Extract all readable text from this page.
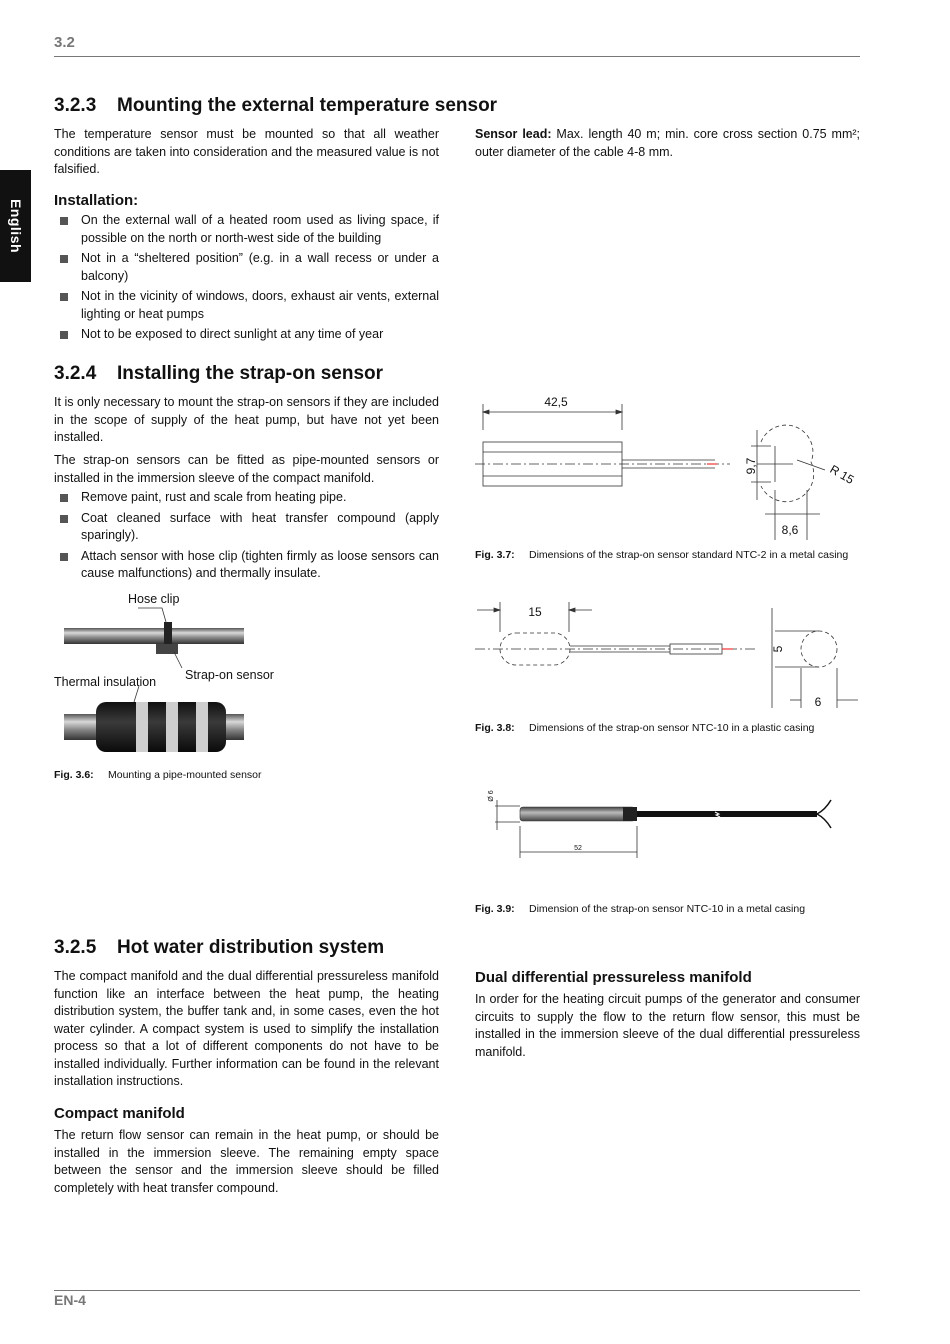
3.2
English
3.2.3 Mounting the external temperature sensor

The temperature sensor must be mounted so that all weather conditions are taken into consideration and the measured value is not falsified.

Sensor lead: Max. length 40 m; min. core cross section 0.75 mm²; outer diameter of the cable 4-8 mm.

Installation:
On the external wall of a heated room used as living space, if possible on the north or north-west side of the building
Not in a “sheltered position” (e.g. in a wall recess or under a balcony)
Not in the vicinity of windows, doors, exhaust air vents, external lighting or heat pumps
Not to be exposed to direct sunlight at any time of year
3.2.4 Installing the strap-on sensor

It is only necessary to mount the strap-on sensors if they are included in the scope of supply of the heat pump, but have not yet been installed.

The strap-on sensors can be fitted as pipe-mounted sensors or installed in the immersion sleeve of the compact manifold.

Remove paint, rust and scale from heating pipe.
Coat cleaned surface with heat transfer compound (apply sparingly).
Attach sensor with hose clip (tighten firmly as loose sensors can cause malfunctions) and thermally insulate.
Hose clip
Strap-on sensor
Thermal insulation
Fig. 3.6: Mounting a pipe-mounted sensor
42,5
9,7	R 15
8,6
Fig. 3.7: Dimensions of the strap-on sensor standard NTC-2 in a metal casing
15
5
6
Fig. 3.8: Dimensions of the strap-on sensor NTC-10 in a plastic casing
Ø 6
52
Fig. 3.9: Dimension of the strap-on sensor NTC-10 in a metal casing
3.2.5 Hot water distribution system

The compact manifold and the dual differential pressureless manifold function like an interface between the heat pump, the heating distribution system, the buffer tank and, in some cases, even the hot water cylinder. A compact system is used to simplify the installation process so that a lot of different components do not have to be installed individually. Further information can be found in the relevant installation instructions.

Compact manifold

The return flow sensor can remain in the heat pump, or should be installed in the immersion sleeve. The remaining empty space between the sensor and the immersion sleeve should be filled completely with heat transfer compound.

Dual differential pressureless manifold

In order for the heating circuit pumps of the generator and consumer circuits to supply the flow to the return flow sensor, this must be installed in the immersion sleeve of the dual differential pressureless manifold.

EN-4
